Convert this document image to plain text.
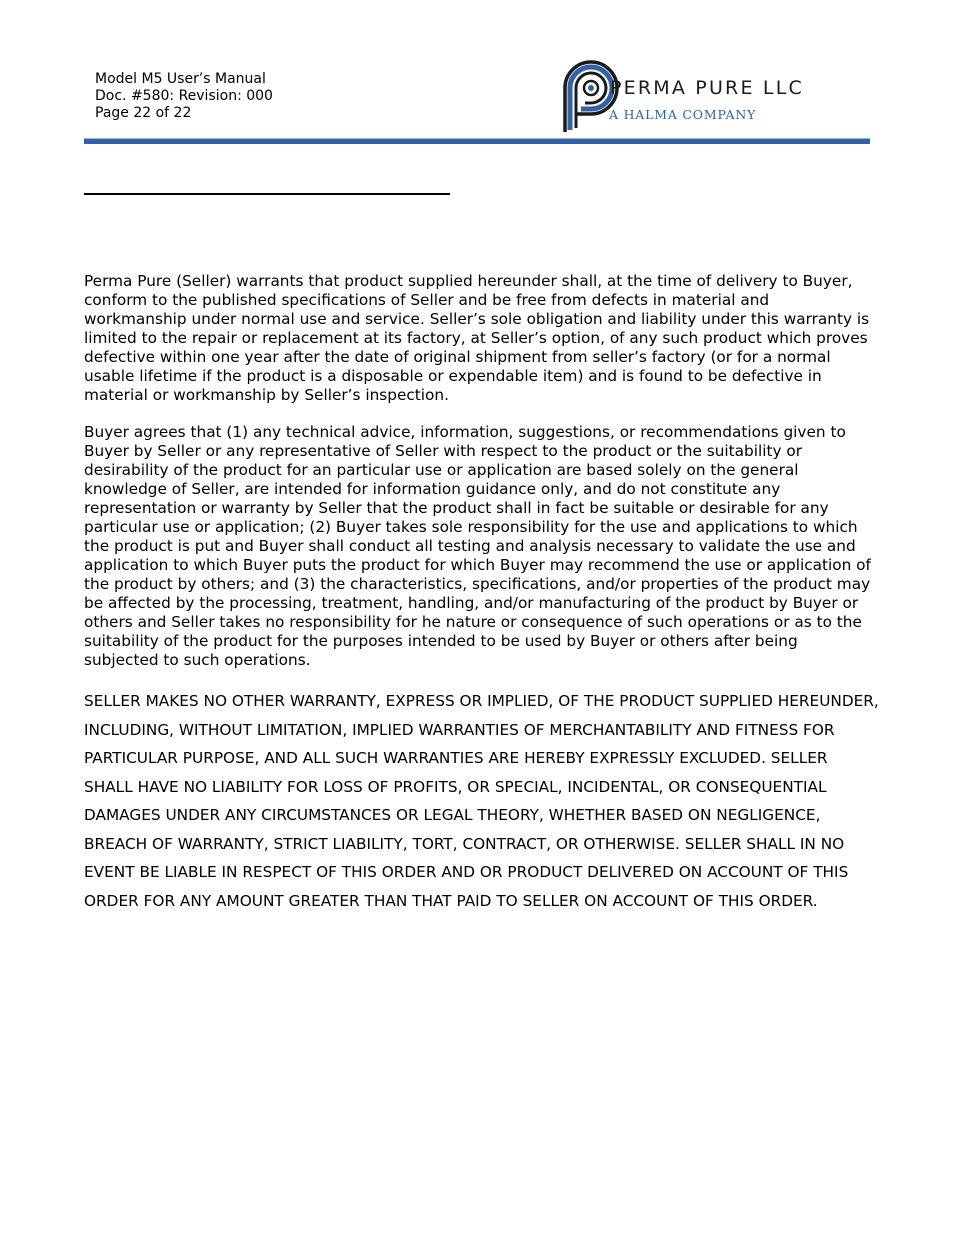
Model M5 User’s Manual
Doc. #580: Revision: 000
Page 22 of 22
PERMA PURE LLC
A HALMA COMPANY
Perma Pure (Seller) warrants that product supplied hereunder shall, at the time of delivery to Buyer, conform to the published specifications of Seller and be free from defects in material and workmanship under normal use and service. Seller’s sole obligation and liability under this warranty is limited to the repair or replacement at its factory, at Seller’s option, of any such product which proves defective within one year after the date of original shipment from seller’s factory (or for a normal usable lifetime if the product is a disposable or expendable item) and is found to be defective in material or workmanship by Seller’s inspection.
Buyer agrees that (1) any technical advice, information, suggestions, or recommendations given to Buyer by Seller or any representative of Seller with respect to the product or the suitability or desirability of the product for an particular use or application are based solely on the general knowledge of Seller, are intended for information guidance only, and do not constitute any representation or warranty by Seller that the product shall in fact be suitable or desirable for any particular use or application; (2) Buyer takes sole responsibility for the use and applications to which the product is put and Buyer shall conduct all testing and analysis necessary to validate the use and application to which Buyer puts the product for which Buyer may recommend the use or application of the product by others; and (3) the characteristics, specifications, and/or properties of the product may be affected by the processing, treatment, handling, and/or manufacturing of the product by Buyer or others and Seller takes no responsibility for he nature or consequence of such operations or as to the suitability of the product for the purposes intended to be used by Buyer or others after being subjected to such operations.
SELLER MAKES NO OTHER WARRANTY, EXPRESS OR IMPLIED, OF THE PRODUCT SUPPLIED HEREUNDER, INCLUDING, WITHOUT LIMITATION, IMPLIED WARRANTIES OF MERCHANTABILITY AND FITNESS FOR PARTICULAR PURPOSE, AND ALL SUCH WARRANTIES ARE HEREBY EXPRESSLY EXCLUDED. SELLER SHALL HAVE NO LIABILITY FOR LOSS OF PROFITS, OR SPECIAL, INCIDENTAL, OR CONSEQUENTIAL DAMAGES UNDER ANY CIRCUMSTANCES OR LEGAL THEORY, WHETHER BASED ON NEGLIGENCE, BREACH OF WARRANTY, STRICT LIABILITY, TORT, CONTRACT, OR OTHERWISE. SELLER SHALL IN NO EVENT BE LIABLE IN RESPECT OF THIS ORDER AND OR PRODUCT DELIVERED ON ACCOUNT OF THIS ORDER FOR ANY AMOUNT GREATER THAN THAT PAID TO SELLER ON ACCOUNT OF THIS ORDER.
